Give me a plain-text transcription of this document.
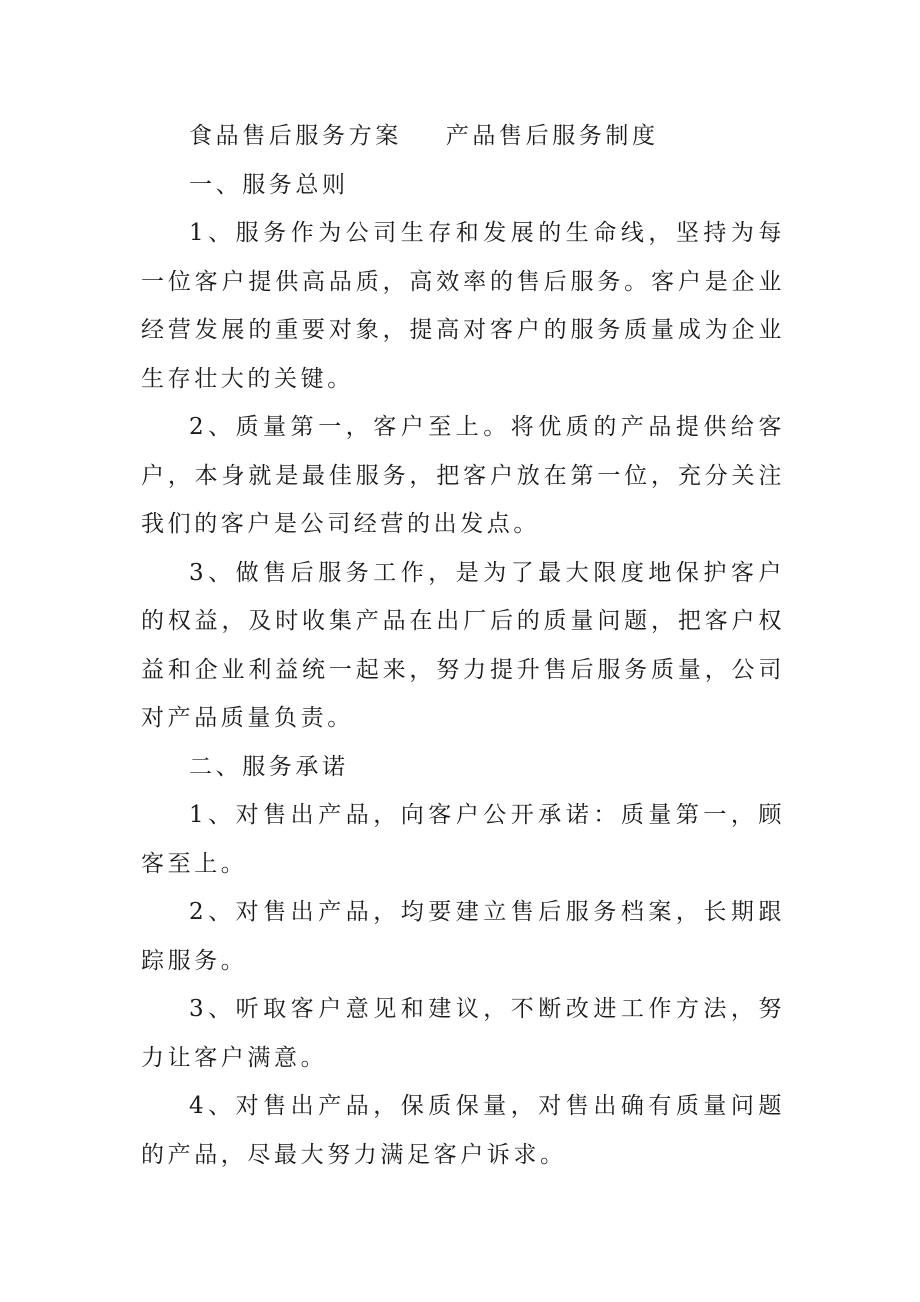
食品售后服务方案 产品售后服务制度

一、服务总则

1、服务作为公司生存和发展的生命线，坚持为每一位客户提供高品质，高效率的售后服务。客户是企业经营发展的重要对象，提高对客户的服务质量成为企业生存壮大的关键。

2、质量第一，客户至上。将优质的产品提供给客户，本身就是最佳服务，把客户放在第一位，充分关注我们的客户是公司经营的出发点。

3、做售后服务工作，是为了最大限度地保护客户的权益，及时收集产品在出厂后的质量问题，把客户权益和企业利益统一起来，努力提升售后服务质量，公司对产品质量负责。

二、服务承诺

1、对售出产品，向客户公开承诺：质量第一，顾客至上。

2、对售出产品，均要建立售后服务档案，长期跟踪服务。

3、听取客户意见和建议，不断改进工作方法，努力让客户满意。

4、对售出产品，保质保量，对售出确有质量问题的产品，尽最大努力满足客户诉求。
